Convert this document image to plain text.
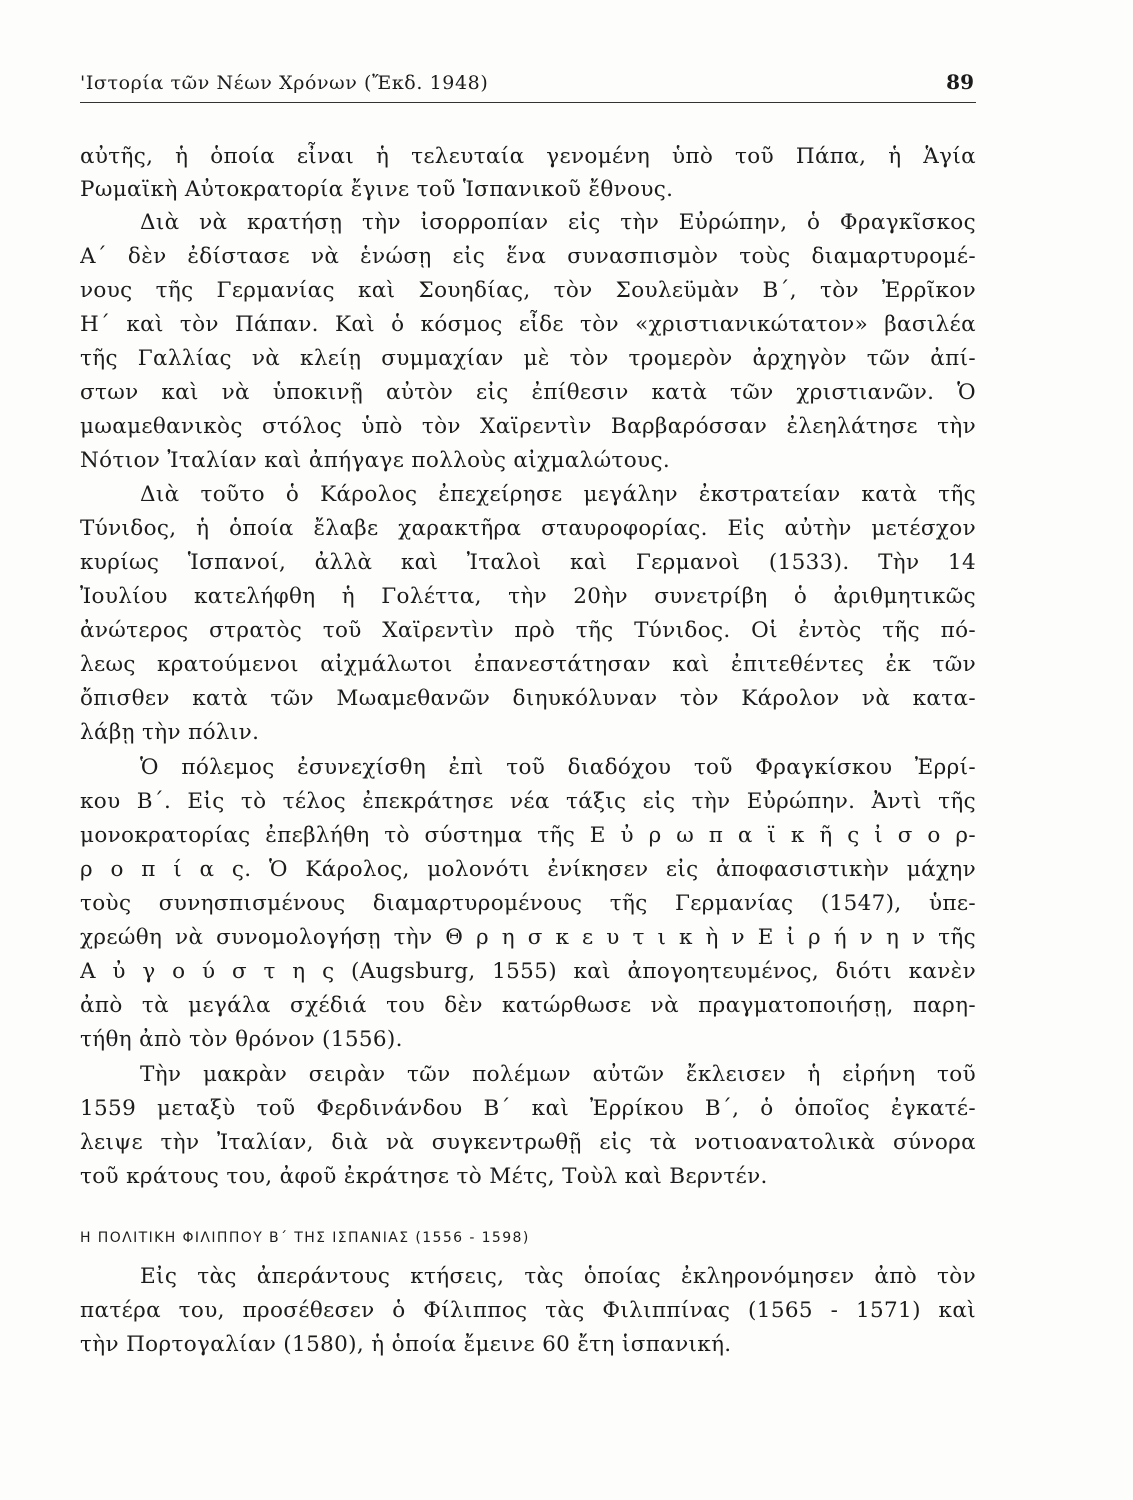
'Ιστορία τῶν Νέων Χρόνων (Ἔκδ. 1948)	89
αὐτῆς, ἡ ὁποία εἶναι ἡ τελευταία γενομένη ὑπὸ τοῦ Πάπα, ἡ Ἁγία
Ρωμαϊκὴ Αὐτοκρατορία ἔγινε τοῦ Ἱσπανικοῦ ἔθνους.
Διὰ νὰ κρατήσῃ τὴν ἰσορροπίαν εἰς τὴν Εὐρώπην, ὁ Φραγκῖσκος
Α΄ δὲν ἐδίστασε νὰ ἑνώσῃ εἰς ἕνα συνασπισμὸν τοὺς διαμαρτυρομέ-
νους τῆς Γερμανίας καὶ Σουηδίας, τὸν Σουλεϋμὰν Β΄, τὸν Ἐρρῖκον
Η΄ καὶ τὸν Πάπαν. Καὶ ὁ κόσμος εἶδε τὸν «χριστιανικώτατον» βασιλέα
τῆς Γαλλίας νὰ κλείῃ συμμαχίαν μὲ τὸν τρομερὸν ἀρχηγὸν τῶν ἀπί-
στων καὶ νὰ ὑποκινῇ αὐτὸν εἰς ἐπίθεσιν κατὰ τῶν χριστιανῶν. Ὁ
μωαμεθανικὸς στόλος ὑπὸ τὸν Χαϊρεντὶν Βαρβαρόσσαν ἐλεηλάτησε τὴν
Νότιον Ἰταλίαν καὶ ἀπήγαγε πολλοὺς αἰχμαλώτους.
Διὰ τοῦτο ὁ Κάρολος ἐπεχείρησε μεγάλην ἐκστρατείαν κατὰ τῆς
Τύνιδος, ἡ ὁποία ἔλαβε χαρακτῆρα σταυροφορίας. Εἰς αὐτὴν μετέσχον
κυρίως Ἱσπανοί, ἀλλὰ καὶ Ἰταλοὶ καὶ Γερμανοὶ (1533). Τὴν 14
Ἰουλίου κατελήφθη ἡ Γολέττα, τὴν 20ὴν συνετρίβη ὁ ἀριθμητικῶς
ἀνώτερος στρατὸς τοῦ Χαϊρεντὶν πρὸ τῆς Τύνιδος. Οἱ ἐντὸς τῆς πό-
λεως κρατούμενοι αἰχμάλωτοι ἐπανεστάτησαν καὶ ἐπιτεθέντες ἐκ τῶν
ὄπισθεν κατὰ τῶν Μωαμεθανῶν διηυκόλυναν τὸν Κάρολον νὰ κατα-
λάβῃ τὴν πόλιν.
Ὁ πόλεμος ἐσυνεχίσθη ἐπὶ τοῦ διαδόχου τοῦ Φραγκίσκου Ἐρρί-
κου Β΄. Εἰς τὸ τέλος ἐπεκράτησε νέα τάξις εἰς τὴν Εὐρώπην. Ἀντὶ τῆς
μονοκρατορίας ἐπεβλήθη τὸ σύστημα τῆς Ε ὐ ρ ω π α ϊ κ ῆ ς ἰ σ ο ρ-
ρ ο π ί α ς. Ὁ Κάρολος, μολονότι ἐνίκησεν εἰς ἀποφασιστικὴν μάχην
τοὺς συνησπισμένους διαμαρτυρομένους τῆς Γερμανίας (1547), ὑπε-
χρεώθη νὰ συνομολογήσῃ τὴν Θ ρ η σ κ ε υ τ ι κ ὴ ν Ε ἰ ρ ή ν η ν τῆς
Α ὐ γ ο ύ σ τ η ς (Augsburg, 1555) καὶ ἀπογοητευμένος, διότι κανὲν
ἀπὸ τὰ μεγάλα σχέδιά του δὲν κατώρθωσε νὰ πραγματοποιήσῃ, παρη-
τήθη ἀπὸ τὸν θρόνον (1556).
Τὴν μακρὰν σειρὰν τῶν πολέμων αὐτῶν ἔκλεισεν ἡ εἰρήνη τοῦ
1559 μεταξὺ τοῦ Φερδινάνδου Β΄ καὶ Ἐρρίκου Β΄, ὁ ὁποῖος ἐγκατέ-
λειψε τὴν Ἰταλίαν, διὰ νὰ συγκεντρωθῇ εἰς τὰ νοτιοανατολικὰ σύνορα
τοῦ κράτους του, ἀφοῦ ἐκράτησε τὸ Μέτς, Τοὺλ καὶ Βερντέν.
Η ΠΟΛΙΤΙΚΗ ΦΙΛΙΠΠΟΥ Β΄ ΤΗΣ ΙΣΠΑΝΙΑΣ (1556 - 1598)
Εἰς τὰς ἀπεράντους κτήσεις, τὰς ὁποίας ἐκληρονόμησεν ἀπὸ τὸν
πατέρα του, προσέθεσεν ὁ Φίλιππος τὰς Φιλιππίνας (1565 - 1571) καὶ
τὴν Πορτογαλίαν (1580), ἡ ὁποία ἔμεινε 60 ἔτη ἱσπανική.
